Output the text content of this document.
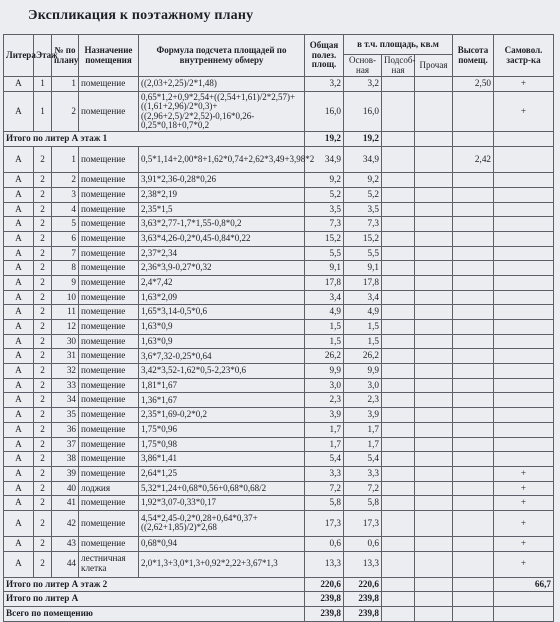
Экспликация к поэтажному плану
Литера	Этаж	№ по плану	Назначение помещения	Формула подсчета площадей по внутреннему обмеру	Общая полез. площ.	в т.ч. площадь, кв.м			Высота помещ.	Самовол. застр-ка
						Основ-ная	Подсоб-ная	Прочая		
А	1	1	помещение	((2,03+2,25)/2*1,48)	3,2	3,2			2,50	+
А	1	2	помещение	0,65*1,2+0,9*2,54+((2,54+1,61)/2*2,57)+((1,61+2,96)/2*0,3)+((2,96+2,5)/2*2,52)-0,16*0,26-0,25*0,18+0,7*0,2	16,0	16,0				+
Итого по литер А этаж 1					19,2	19,2				
А	2	1	помещение	0,5*1,14+2,00*8+1,62*0,74+2,62*3,49+3,98*2	34,9	34,9			2,42	
А	2	2	помещение	3,91*2,36-0,28*0,26	9,2	9,2				
А	2	3	помещение	2,38*2,19	5,2	5,2				
А	2	4	помещение	2,35*1,5	3,5	3,5				
А	2	5	помещение	3,63*2,77-1,7*1,55-0,8*0,2	7,3	7,3				
А	2	6	помещение	3,63*4,26-0,2*0,45-0,84*0,22	15,2	15,2				
А	2	7	помещение	2,37*2,34	5,5	5,5				
А	2	8	помещение	2,36*3,9-0,27*0,32	9,1	9,1				
А	2	9	помещение	2,4*7,42	17,8	17,8				
А	2	10	помещение	1,63*2,09	3,4	3,4				
А	2	11	помещение	1,65*3,14-0,5*0,6	4,9	4,9				
А	2	12	помещение	1,63*0,9	1,5	1,5				
А	2	30	помещение	1,63*0,9	1,5	1,5				
А	2	31	помещение	3,6*7,32-0,25*0,64	26,2	26,2				
А	2	32	помещение	3,42*3,52-1,62*0,5-2,23*0,6	9,9	9,9				
А	2	33	помещение	1,81*1,67	3,0	3,0				
А	2	34	помещение	1,36*1,67	2,3	2,3				
А	2	35	помещение	2,35*1,69-0,2*0,2	3,9	3,9				
А	2	36	помещение	1,75*0,96	1,7	1,7				
А	2	37	помещение	1,75*0,98	1,7	1,7				
А	2	38	помещение	3,86*1,41	5,4	5,4				
А	2	39	помещение	2,64*1,25	3,3	3,3				+
А	2	40	лоджия	5,32*1,24+0,68*0,56+0,68*0,68/2	7,2	7,2				+
А	2	41	помещение	1,92*3,07-0,33*0,17	5,8	5,8				+
А	2	42	помещение	4,54*2,45-0,2*0,28+0,64*0,37+((2,62+1,85)/2)*2,68	17,3	17,3				+
А	2	43	помещение	0,68*0,94	0,6	0,6				+
А	2	44	лестничная клетка	2,0*1,3+3,0*1,3+0,92*2,22+3,67*1,3	13,3	13,3				+
Итого по литер А этаж 2					220,6	220,6				66,7
Итого по литер А					239,8	239,8				
Всего по помещению					239,8	239,8				
